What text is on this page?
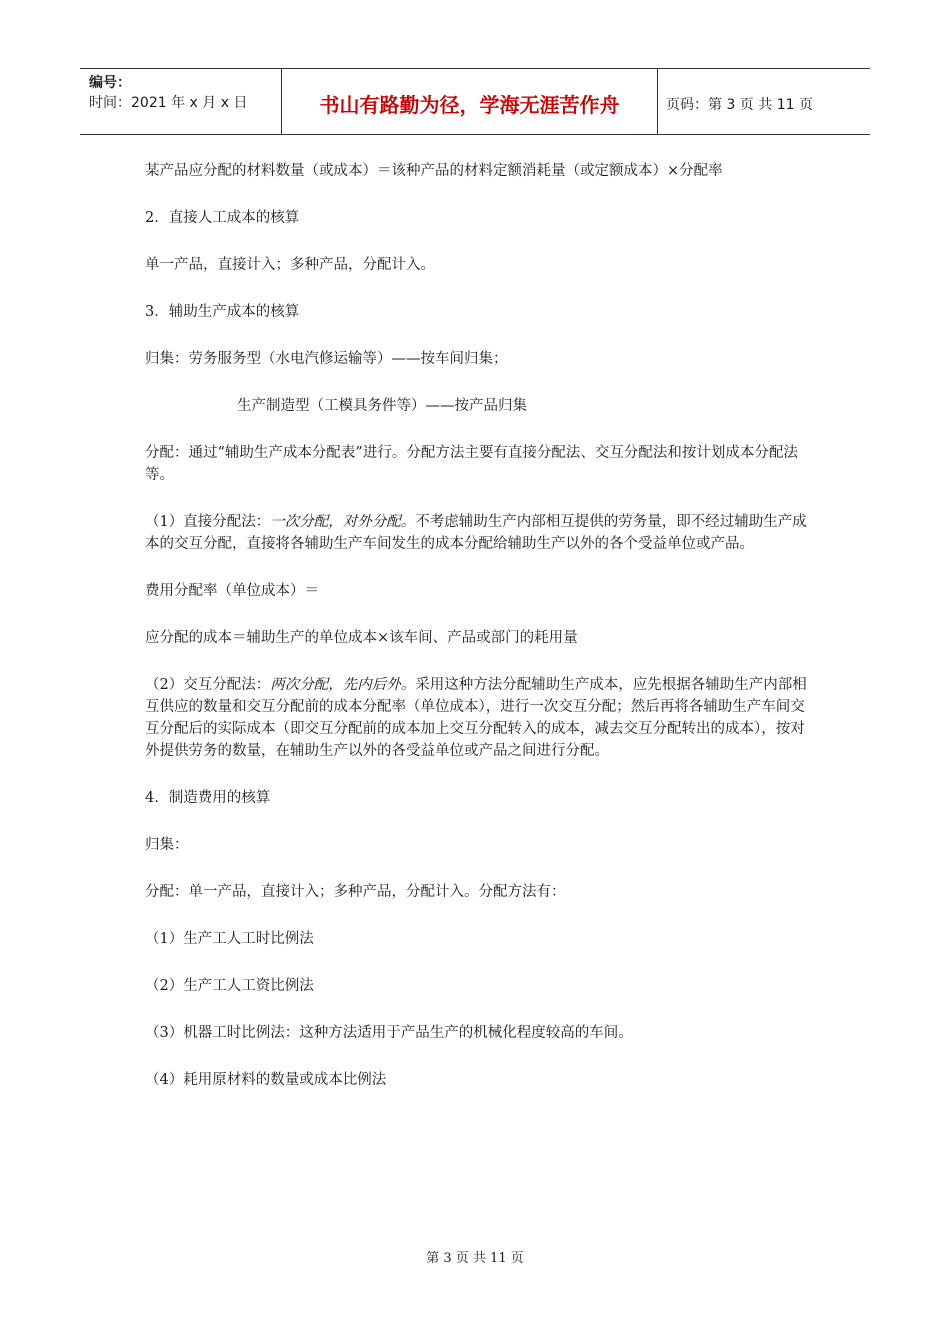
编号：
时间：2021 年 x 月 x 日	书山有路勤为径，学海无涯苦作舟	页码：第 3 页 共 11 页

某产品应分配的材料数量（或成本）＝该种产品的材料定额消耗量（或定额成本）×分配率

2．直接人工成本的核算

单一产品，直接计入；多种产品，分配计入。

3．辅助生产成本的核算

归集：劳务服务型（水电汽修运输等）——按车间归集；

生产制造型（工模具务件等）——按产品归集

分配：通过“辅助生产成本分配表”进行。分配方法主要有直接分配法、交互分配法和按计划成本分配法等。

（1）直接分配法：一次分配，对外分配。不考虑辅助生产内部相互提供的劳务量，即不经过辅助生产成本的交互分配，直接将各辅助生产车间发生的成本分配给辅助生产以外的各个受益单位或产品。

费用分配率（单位成本）＝

应分配的成本＝辅助生产的单位成本×该车间、产品或部门的耗用量

（2）交互分配法：两次分配，先内后外。采用这种方法分配辅助生产成本，应先根据各辅助生产内部相互供应的数量和交互分配前的成本分配率（单位成本），进行一次交互分配；然后再将各辅助生产车间交互分配后的实际成本（即交互分配前的成本加上交互分配转入的成本，减去交互分配转出的成本），按对外提供劳务的数量，在辅助生产以外的各受益单位或产品之间进行分配。

4．制造费用的核算

归集：

分配：单一产品，直接计入；多种产品，分配计入。分配方法有：

（1）生产工人工时比例法

（2）生产工人工资比例法

（3）机器工时比例法：这种方法适用于产品生产的机械化程度较高的车间。

（4）耗用原材料的数量或成本比例法

第 3 页 共 11 页
